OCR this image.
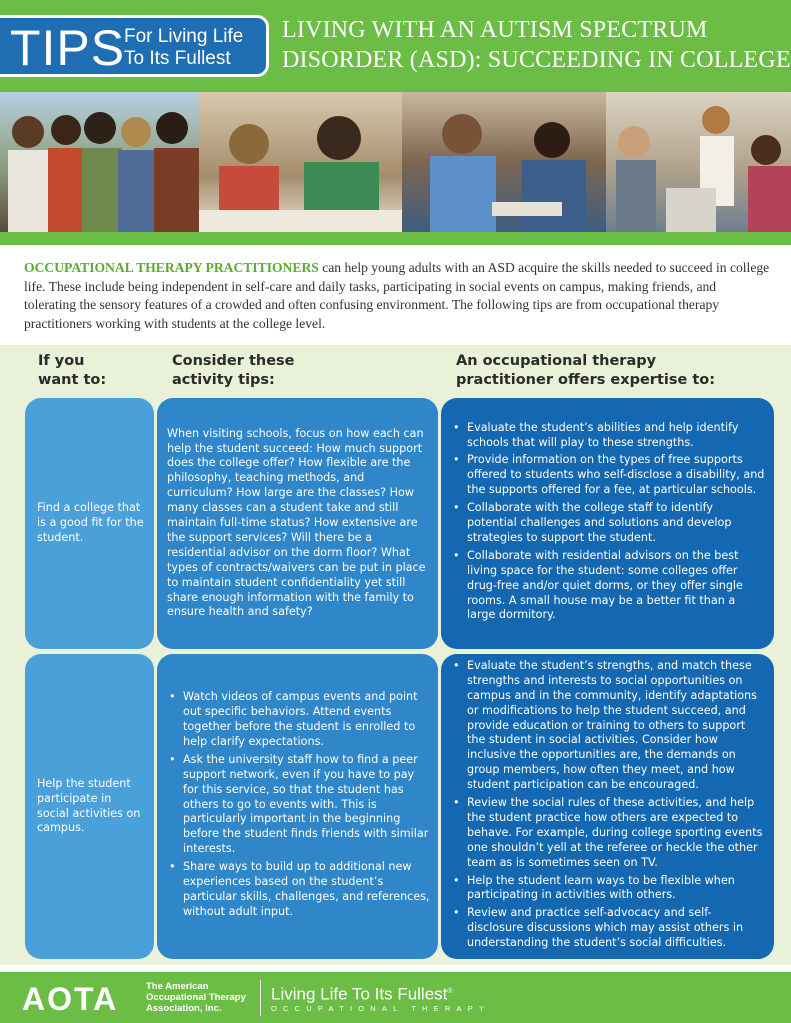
TIPS
For Living Life
To Its Fullest
LIVING WITH AN AUTISM SPECTRUM
DISORDER (ASD): SUCCEEDING IN COLLEGE

OCCUPATIONAL THERAPY PRACTITIONERS can help young adults with an ASD acquire the skills needed to succeed in college life. These include being independent in self-care and daily tasks, participating in social events on campus, making friends, and tolerating the sensory features of a crowded and often confusing environment. The following tips are from occupational therapy practitioners working with students at the college level.

If you
want to:
Consider these
activity tips:
An occupational therapy
practitioner offers expertise to:

Find a college that is a good fit for the student.

When visiting schools, focus on how each can help the student succeed: How much support does the college offer? How flexible are the philosophy, teaching methods, and curriculum? How large are the classes? How many classes can a student take and still maintain full-time status? How extensive are the support services? Will there be a residential advisor on the dorm floor? What types of contracts/waivers can be put in place to maintain student confidentiality yet still share enough information with the family to ensure health and safety?

• Evaluate the student’s abilities and help identify schools that will play to these strengths.
• Provide information on the types of free supports offered to students who self-disclose a disability, and the supports offered for a fee, at particular schools.
• Collaborate with the college staff to identify potential challenges and solutions and develop strategies to support the student.
• Collaborate with residential advisors on the best living space for the student: some colleges offer drug-free and/or quiet dorms, or they offer single rooms. A small house may be a better fit than a large dormitory.

Help the student participate in social activities on campus.

• Watch videos of campus events and point out specific behaviors. Attend events together before the student is enrolled to help clarify expectations.
• Ask the university staff how to find a peer support network, even if you have to pay for this service, so that the student has others to go to events with. This is particularly important in the beginning before the student finds friends with similar interests.
• Share ways to build up to additional new experiences based on the student’s particular skills, challenges, and references, without adult input.
• Evaluate the student’s strengths, and match these strengths and interests to social opportunities on campus and in the community, identify adaptations or modifications to help the student succeed, and provide education or training to others to support the student in social activities. Consider how inclusive the opportunities are, the demands on group members, how often they meet, and how student participation can be encouraged.
• Review the social rules of these activities, and help the student practice how others are expected to behave. For example, during college sporting events one shouldn’t yell at the referee or heckle the other team as is sometimes seen on TV.
• Help the student learn ways to be flexible when participating in activities with others.
• Review and practice self-advocacy and self-disclosure discussions which may assist others in understanding the student’s social difficulties.
AOTA	The American
Occupational Therapy
Association, Inc.
Living Life To Its Fullest®
OCCUPATIONAL THERAPY
